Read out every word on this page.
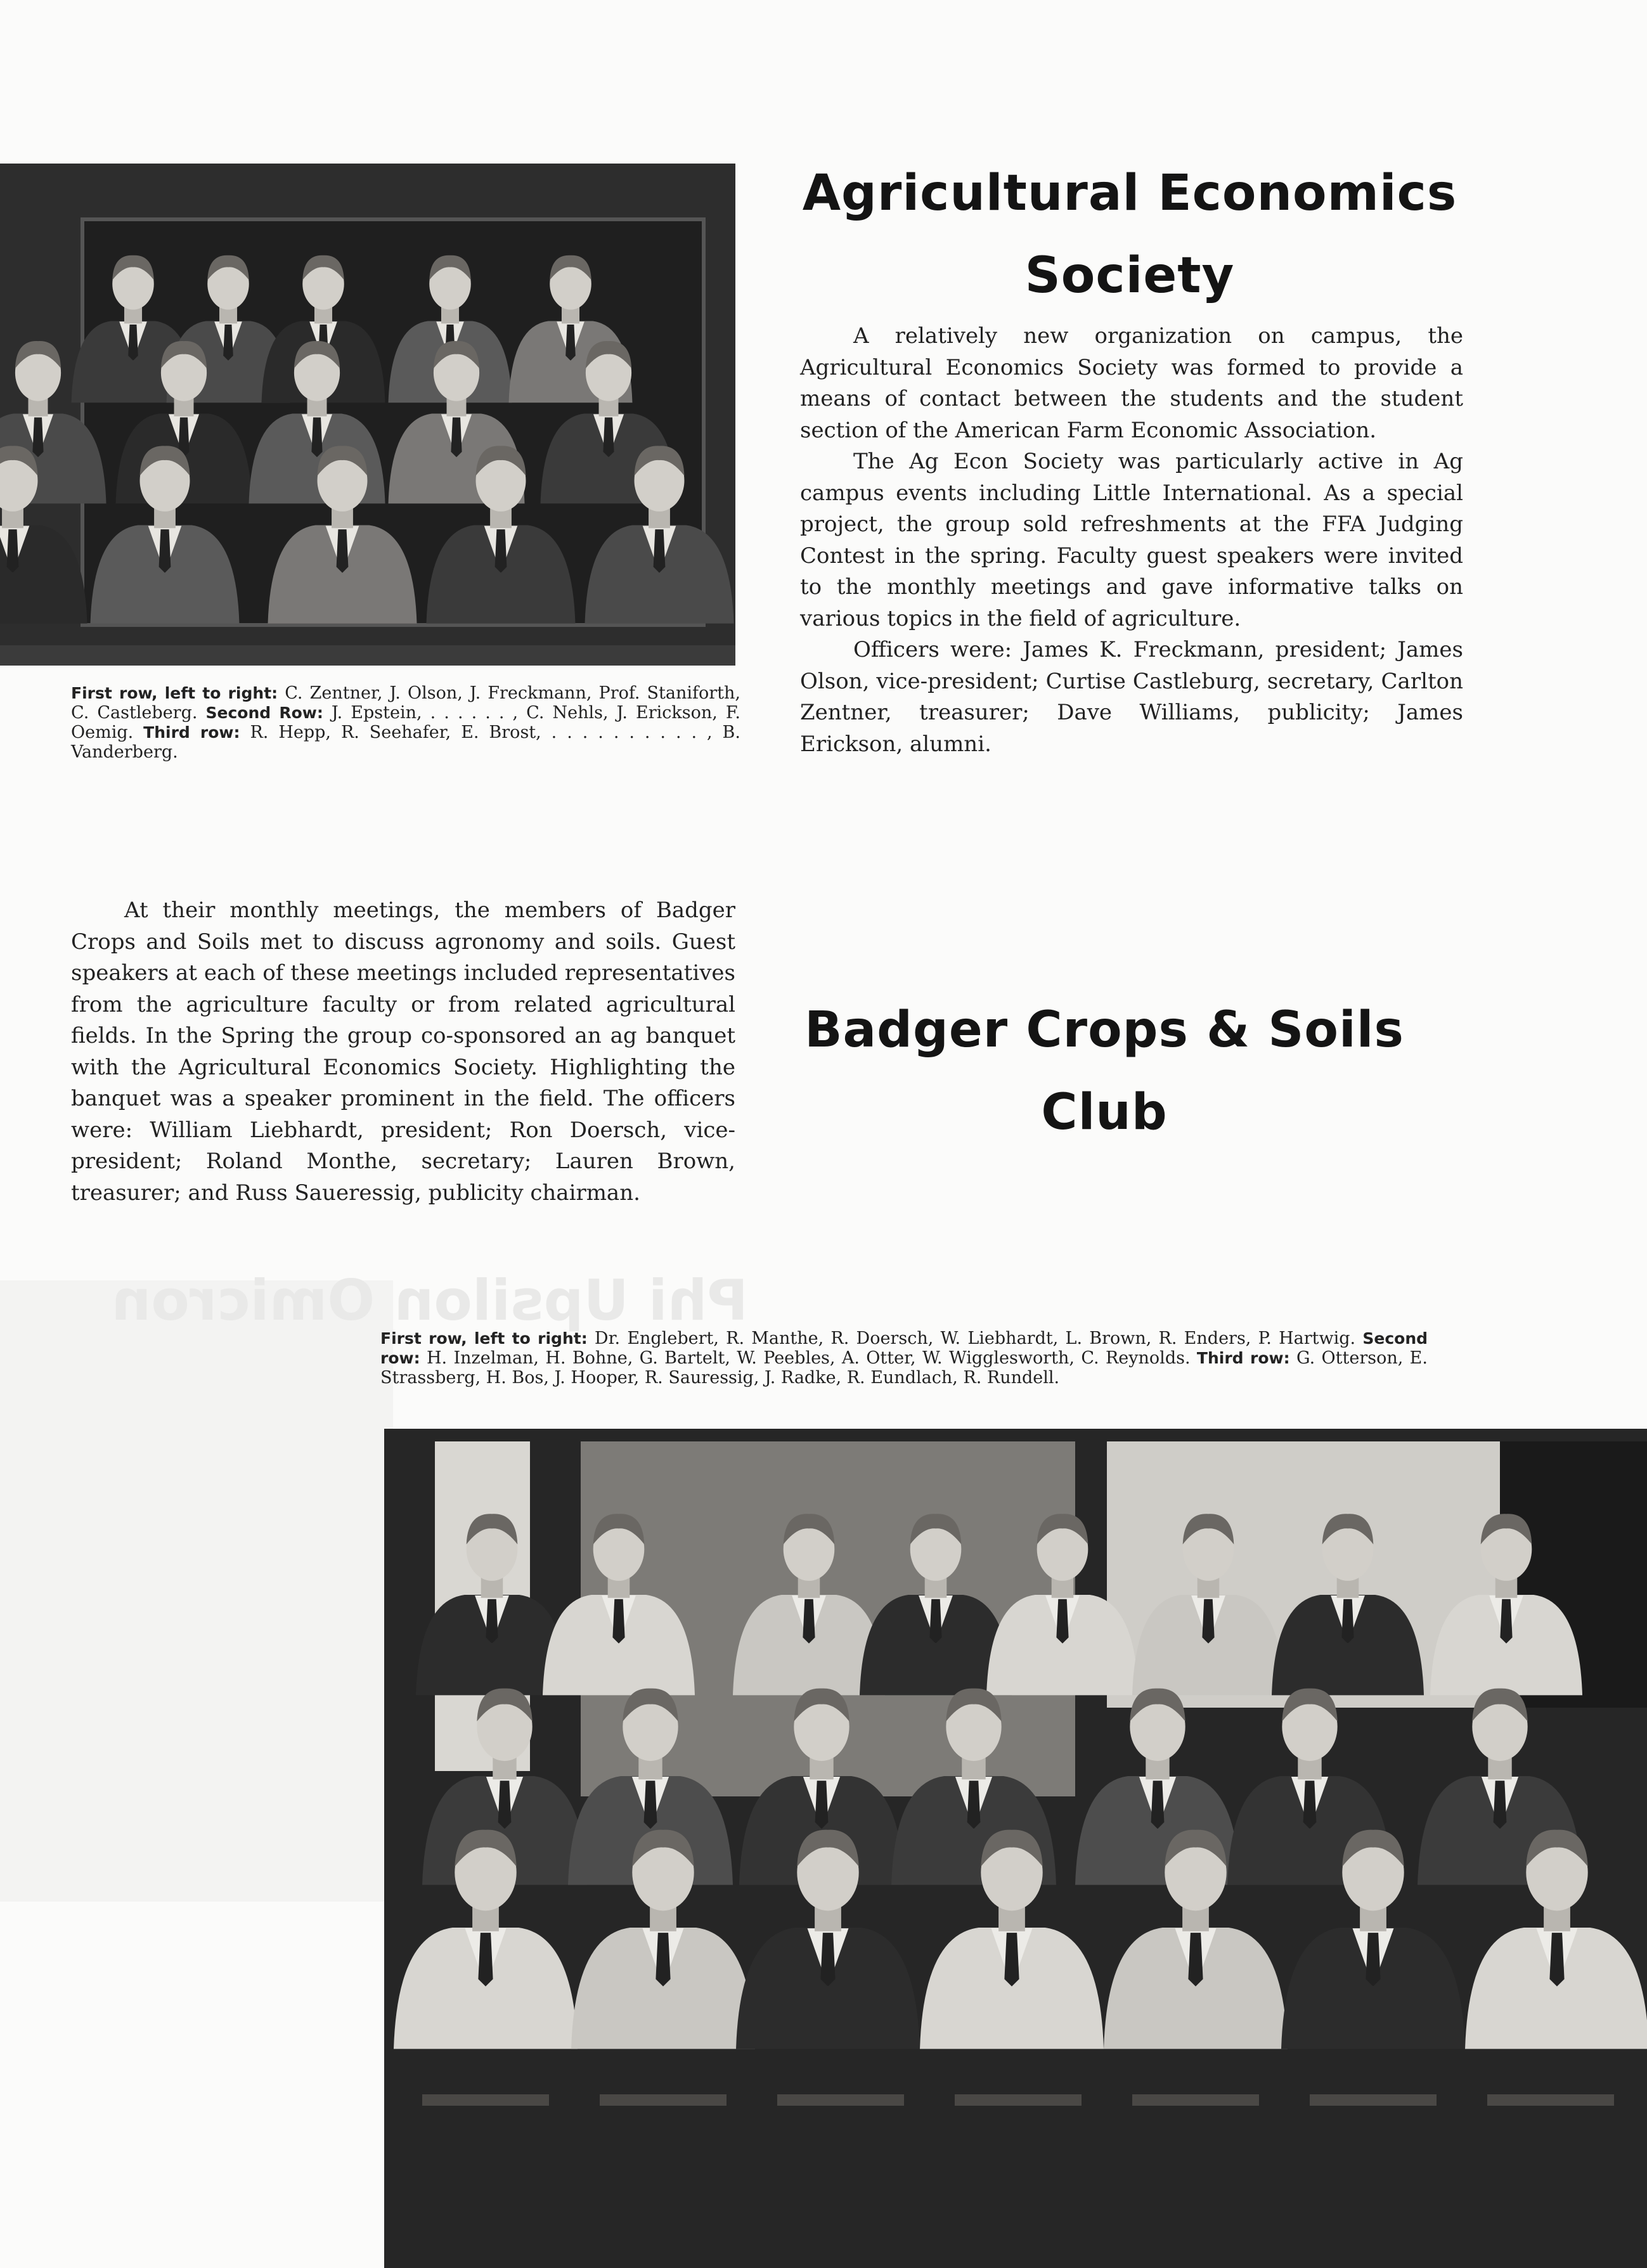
Phi Upsilon Omicron
Agricultural Economics Society

A relatively new organization on campus, the Agricultural Economics Society was formed to provide a means of contact between the students and the student section of the American Farm Economic Association.

The Ag Econ Society was particularly active in Ag campus events including Little International. As a special project, the group sold refreshments at the FFA Judging Contest in the spring. Faculty guest speakers were invited to the monthly meetings and gave informative talks on various topics in the field of agriculture.

Officers were: James K. Freckmann, president; James Olson, vice-president; Curtise Castleburg, secretary, Carlton Zentner, treasurer; Dave Williams, publicity; James Erickson, alumni.

First row, left to right: C. Zentner, J. Olson, J. Freckmann, Prof. Staniforth, C. Castleberg. Second Row: J. Epstein, . . . . . . , C. Nehls, J. Erickson, F. Oemig. Third row: R. Hepp, R. Seehafer, E. Brost, . . . . . . . . . . , B. Vanderberg.

At their monthly meetings, the members of Badger Crops and Soils met to discuss agronomy and soils. Guest speakers at each of these meetings included representatives from the agriculture faculty or from related agricultural fields. In the Spring the group co-sponsored an ag banquet with the Agricultural Economics Society. Highlighting the banquet was a speaker prominent in the field. The officers were: William Liebhardt, president; Ron Doersch, vice-president; Roland Monthe, secretary; Lauren Brown, treasurer; and Russ Saueressig, publicity chairman.

Badger Crops & Soils Club

First row, left to right: Dr. Englebert, R. Manthe, R. Doersch, W. Liebhardt, L. Brown, R. Enders, P. Hartwig. Second row: H. Inzelman, H. Bohne, G. Bartelt, W. Peebles, A. Otter, W. Wigglesworth, C. Reynolds. Third row: G. Otterson, E. Strassberg, H. Bos, J. Hooper, R. Sauressig, J. Radke, R. Eundlach, R. Rundell.
